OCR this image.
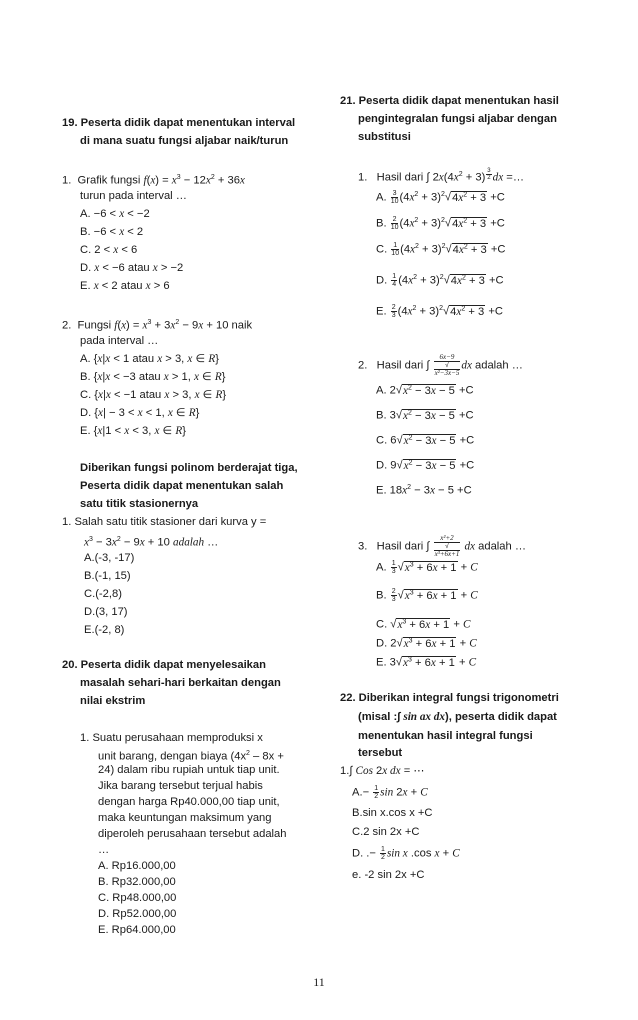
19. Peserta didik dapat menentukan interval
di mana suatu fungsi aljabar naik/turun
1.  Grafik fungsi $f(x) = x^3 - 12x^2 + 36x$
turun pada interval …
A. −6 < x < −2
B. −6 < x < 2
C. 2 < x < 6
D. x < −6 atau x > −2
E. x < 2 atau x > 6
2.  Fungsi $f(x) = x^3 + 3x^2 - 9x + 10$ naik
pada interval …
A. {x|x < 1 atau x > 3, x ∈ R}
B. {x|x < −3 atau x > 1, x ∈ R}
C. {x|x < −1 atau x > 3, x ∈ R}
D. {x| − 3 < x < 1, x ∈ R}
E. {x|1 < x < 3, x ∈ R}
Diberikan fungsi polinom berderajat tiga,
Peserta didik dapat menentukan salah
satu titik stasionernya
1. Salah satu titik stasioner dari kurva y =
$x^3 - 3x^2 - 9x + 10$ adalah …
A.(-3, -17)
B.(-1, 15)
C.(-2,8)
D.(3, 17)
E.(-2, 8)
20. Peserta didik dapat menyelesaikan
masalah sehari-hari berkaitan dengan
nilai ekstrim
1. Suatu perusahaan memproduksi x
unit barang, dengan biaya ($4x^2 - 8x$ +
24) dalam ribu rupiah untuk tiap unit.
Jika barang tersebut terjual habis
dengan harga Rp40.000,00 tiap unit,
maka keuntungan maksimum yang
diperoleh perusahaan tersebut adalah
…
A. Rp16.000,00
B. Rp32.000,00
C. Rp48.000,00
D. Rp52.000,00
E. Rp64.000,00
21. Peserta didik dapat menentukan hasil
pengintegralan fungsi aljabar dengan
substitusi
1.   Hasil dari ∫ $2x(4x^2 + 3) \frac{3}{2}$ dx =…
A. $\frac{3}{10} (4x^2 + 3)^2√4x^2 + 3 +C$
B. $\frac{2}{10} (4x^2 + 3)^2√4x^2 + 3 +C$
C. $\frac{1}{10} (4x^2 + 3)^2√4x^2 + 3 +C$
D. $\frac{1}{4} (4x^2 + 3)^2√4x^2 + 3 +C$
E. $\frac{2}{3} (4x^2 + 3)^2√4x^2 + 3 +C$
2.   Hasil dari ∫ 6x−9
√
x²−3x−5 dx adalah …
A. $2√x^2 - 3x - 5 +C$
B. $3√x^2 - 3x - 5 +C$
C. $6√x^2 - 3x - 5 +C$
D. $9√x^2 - 3x - 5 +C$
E. $18x^2 - 3x - 5 +C$
3.   Hasil dari ∫ x²+2
√
x³+6x+1 dx adalah …
A. $\frac{1}{3} √x^3 + 6x + 1 + C$
B. $\frac{2}{3} √x^3 + 6x + 1 + C$
C. $√x^3 + 6x + 1 + C$
D. $2√x^3 + 6x + 1 + C$
E. $3√x^3 + 6x + 1 + C$
22. Diberikan integral fungsi trigonometri
(misal :∫ sin ax dx), peserta didik dapat
menentukan hasil integral fungsi
tersebut
1.∫ Cos 2x dx = ⋯
$A.- \frac{1}{2}$ sin 2x + C
B.sin x.cos x +C
C.2 sin 2x +C
D. .− $\frac{1}{2}$ sin x .cos x + C
e. -2 sin 2x +C
11
